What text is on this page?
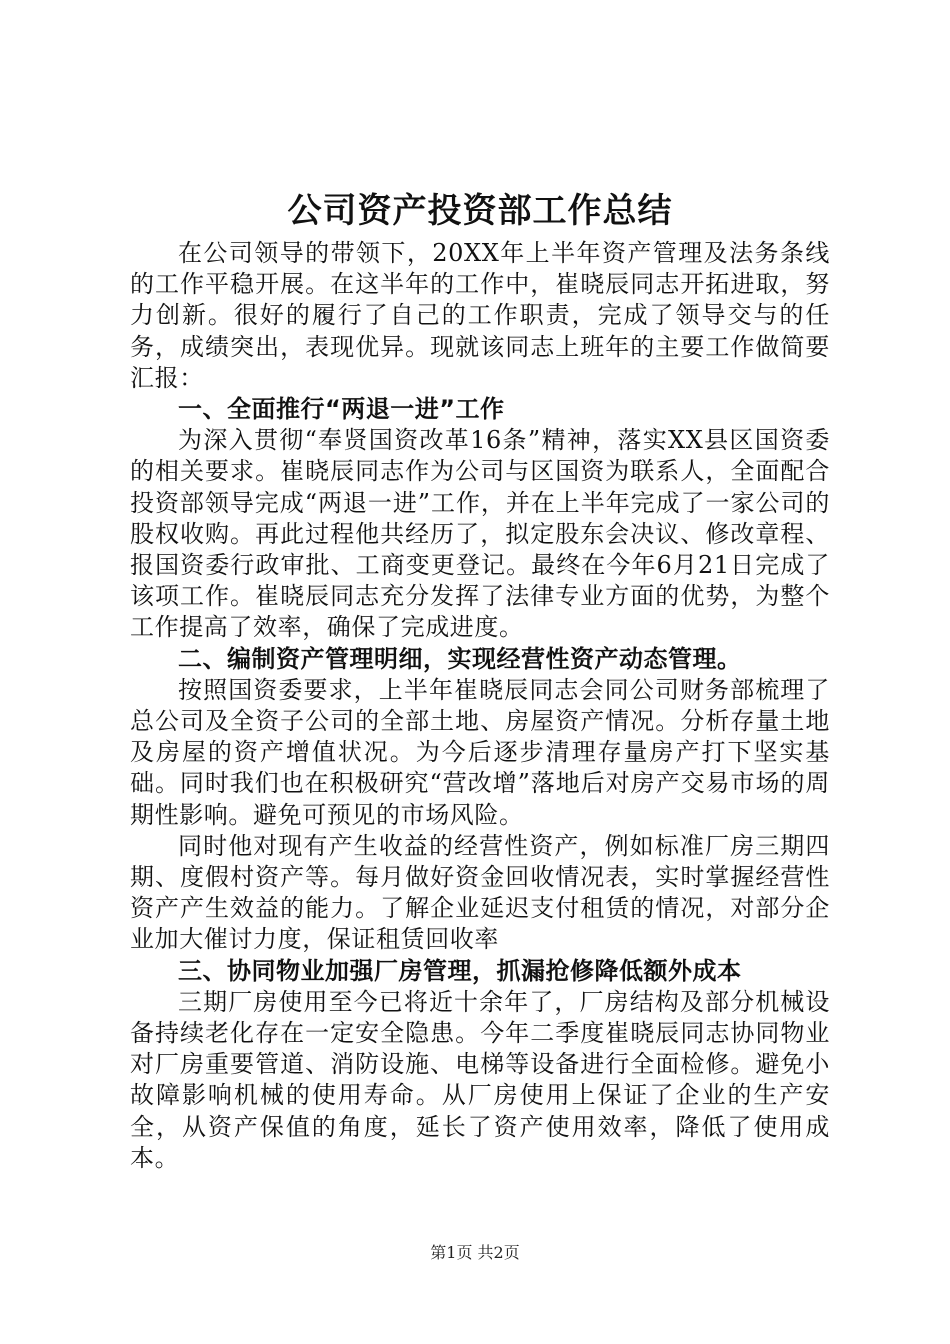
公司资产投资部工作总结

在公司领导的带领下，20XX年上半年资产管理及法务条线的工作平稳开展。在这半年的工作中，崔晓辰同志开拓进取，努力创新。很好的履行了自己的工作职责，完成了领导交与的任务，成绩突出，表现优异。现就该同志上班年的主要工作做简要汇报：

一、全面推行“两退一进”工作

为深入贯彻“奉贤国资改革16条”精神，落实XX县区国资委的相关要求。崔晓辰同志作为公司与区国资为联系人，全面配合投资部领导完成“两退一进”工作，并在上半年完成了一家公司的股权收购。再此过程他共经历了，拟定股东会决议、修改章程、报国资委行政审批、工商变更登记。最终在今年6月21日完成了该项工作。崔晓辰同志充分发挥了法律专业方面的优势，为整个工作提高了效率，确保了完成进度。

二、编制资产管理明细，实现经营性资产动态管理。

按照国资委要求，上半年崔晓辰同志会同公司财务部梳理了总公司及全资子公司的全部土地、房屋资产情况。分析存量土地及房屋的资产增值状况。为今后逐步清理存量房产打下坚实基础。同时我们也在积极研究“营改增”落地后对房产交易市场的周期性影响。避免可预见的市场风险。

同时他对现有产生收益的经营性资产，例如标准厂房三期四期、度假村资产等。每月做好资金回收情况表，实时掌握经营性资产产生效益的能力。了解企业延迟支付租赁的情况，对部分企业加大催讨力度，保证租赁回收率

三、协同物业加强厂房管理，抓漏抢修降低额外成本

三期厂房使用至今已将近十余年了，厂房结构及部分机械设备持续老化存在一定安全隐患。今年二季度崔晓辰同志协同物业对厂房重要管道、消防设施、电梯等设备进行全面检修。避免小故障影响机械的使用寿命。从厂房使用上保证了企业的生产安全，从资产保值的角度，延长了资产使用效率，降低了使用成本。

第1页 共2页
